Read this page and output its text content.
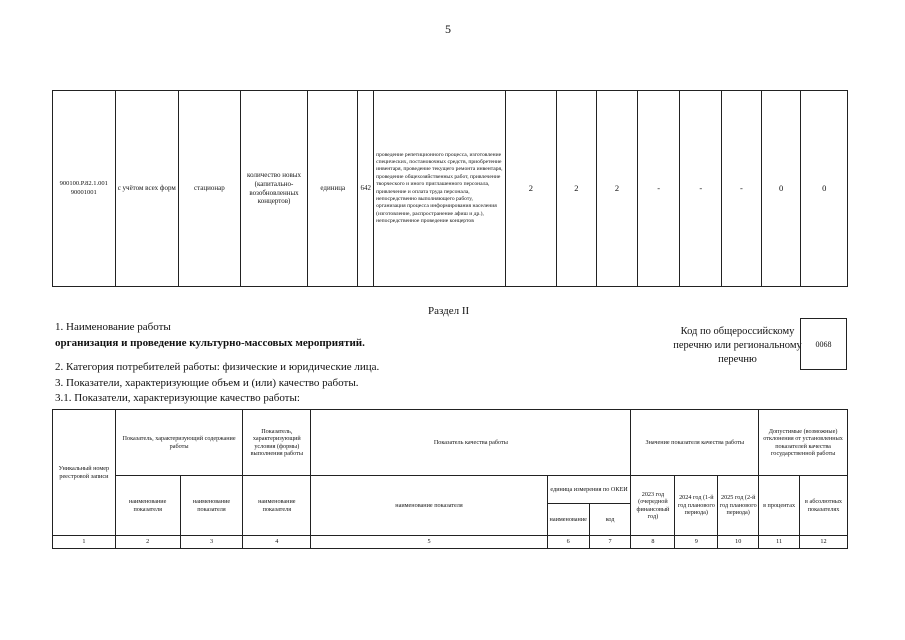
5
900100.Р.82.1.001 90001001	с учётом всех форм	стационар	количество новых (капитально-возобновленных концертов)	единица	642	проведение репетиционного процесса, изготовление спецических, постановочных средств, приобретение инвентаря, проведение текущего ремонта инвентаря, проведение общехозяйственных работ, привлечение творческого и иного приглашенного персонала, привлечение и оплата труда персонала, непосредственно выполняющего работу, организация процесса информирования населения (изготовление, распространение афиш и др.), непосредственное проведение концертов	2	2	2	-	-	-	0	0
Раздел II
1. Наименование работы
организация и проведение культурно-массовых мероприятий.
Код по общероссийскому перечню или региональному перечню
0068
2. Категория потребителей работы: физические и юридические лица.
3. Показатели, характеризующие объем и (или) качество работы.
3.1. Показатели, характеризующие качество работы:
Уникальный номер реестровой записи	Показатель, характеризующий содержание работы		Показатель, характеризующий условия (формы) выполнения работы	Показатель качества работы			Значение показателя качества работы			Допустимые (возможные) отклонения от установленных показателей качества государственной работы	
	наименование показателя	наименование показателя	наименование показателя	наименование показателя	единица измерения по ОКЕИ		2023 год (очередной финансовый год)	2024 год (1-й год планового периода)	2025 год (2-й год планового периода)	в процентах	в абсолютных показателях
					наименование	код					
1	2	3	4	5	6	7	8	9	10	11	12
